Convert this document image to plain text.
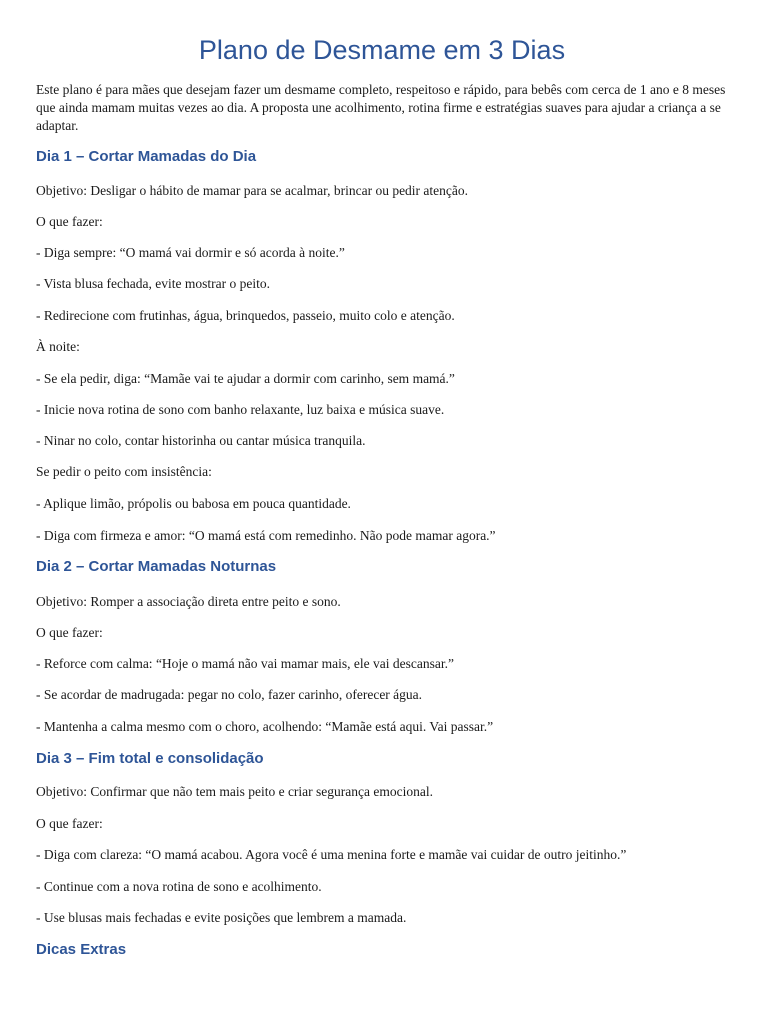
Plano de Desmame em 3 Dias

Este plano é para mães que desejam fazer um desmame completo, respeitoso e rápido, para bebês com cerca de 1 ano e 8 meses que ainda mamam muitas vezes ao dia. A proposta une acolhimento, rotina firme e estratégias suaves para ajudar a criança a se adaptar.

Dia 1 – Cortar Mamadas do Dia

Objetivo: Desligar o hábito de mamar para se acalmar, brincar ou pedir atenção.

O que fazer:

- Diga sempre: “O mamá vai dormir e só acorda à noite.”

- Vista blusa fechada, evite mostrar o peito.

- Redirecione com frutinhas, água, brinquedos, passeio, muito colo e atenção.

À noite:

- Se ela pedir, diga: “Mamãe vai te ajudar a dormir com carinho, sem mamá.”

- Inicie nova rotina de sono com banho relaxante, luz baixa e música suave.

- Ninar no colo, contar historinha ou cantar música tranquila.

Se pedir o peito com insistência:

- Aplique limão, própolis ou babosa em pouca quantidade.

- Diga com firmeza e amor: “O mamá está com remedinho. Não pode mamar agora.”

Dia 2 – Cortar Mamadas Noturnas

Objetivo: Romper a associação direta entre peito e sono.

O que fazer:

- Reforce com calma: “Hoje o mamá não vai mamar mais, ele vai descansar.”

- Se acordar de madrugada: pegar no colo, fazer carinho, oferecer água.

- Mantenha a calma mesmo com o choro, acolhendo: “Mamãe está aqui. Vai passar.”

Dia 3 – Fim total e consolidação

Objetivo: Confirmar que não tem mais peito e criar segurança emocional.

O que fazer:

- Diga com clareza: “O mamá acabou. Agora você é uma menina forte e mamãe vai cuidar de outro jeitinho.”

- Continue com a nova rotina de sono e acolhimento.

- Use blusas mais fechadas e evite posições que lembrem a mamada.

Dicas Extras
